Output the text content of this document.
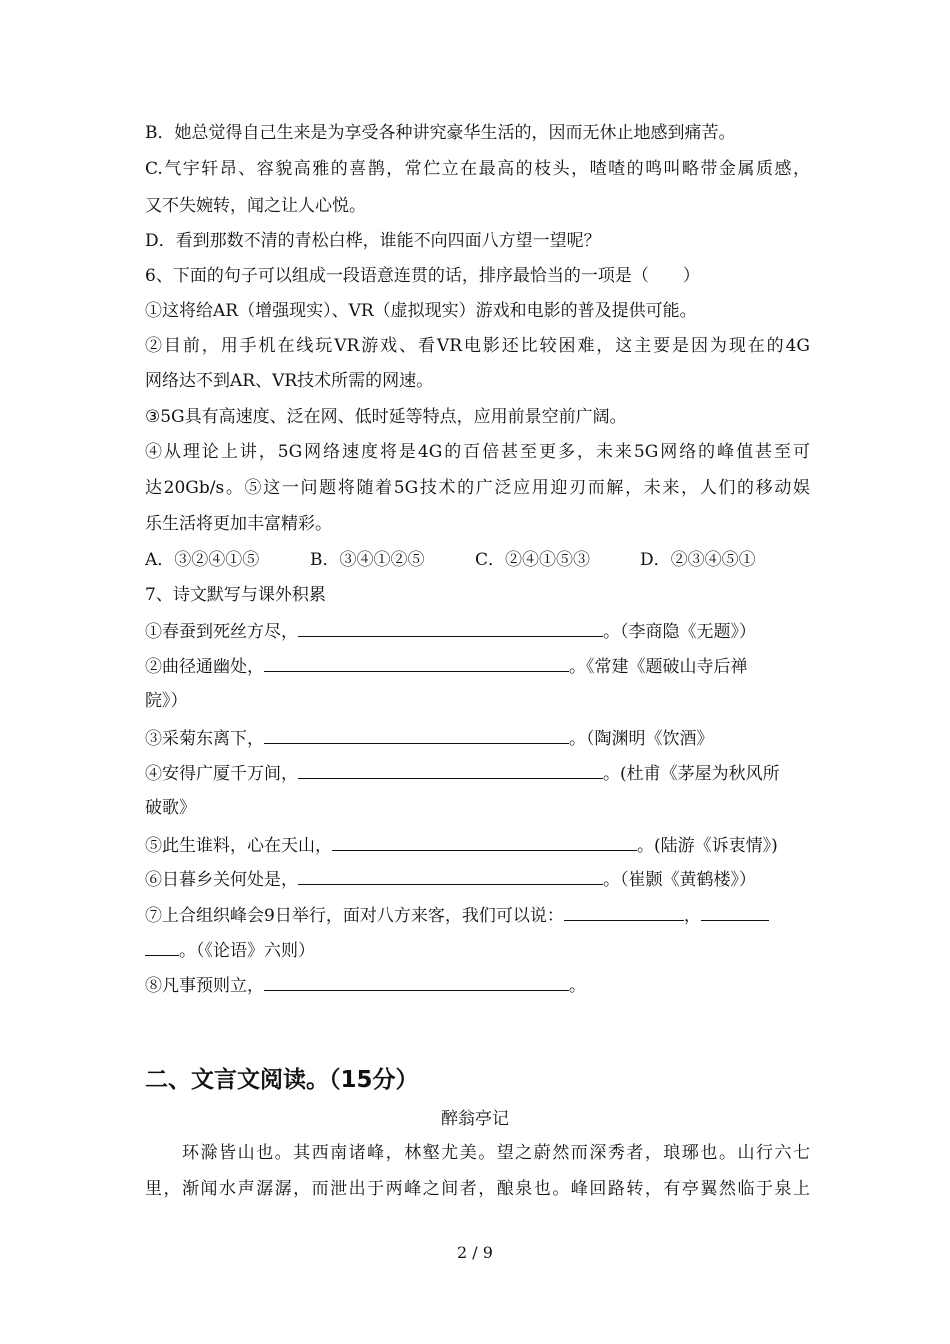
B．她总觉得自己生来是为享受各种讲究豪华生活的，因而无休止地感到痛苦。
C.气宇轩昂、容貌高雅的喜鹊，常伫立在最高的枝头，喳喳的鸣叫略带金属质感，
又不失婉转，闻之让人心悦。
D．看到那数不清的青松白桦，谁能不向四面八方望一望呢？
6、下面的句子可以组成一段语意连贯的话，排序最恰当的一项是（　　）
①这将给AR（增强现实）、VR（虚拟现实）游戏和电影的普及提供可能。
②目前，用手机在线玩VR游戏、看VR电影还比较困难，这主要是因为现在的4G
网络达不到AR、VR技术所需的网速。
③5G具有高速度、泛在网、低时延等特点，应用前景空前广阔。
④从理论上讲，5G网络速度将是4G的百倍甚至更多，未来5G网络的峰值甚至可
达20Gb/s。⑤这一问题将随着5G技术的广泛应用迎刃而解，未来，人们的移动娱
乐生活将更加丰富精彩。
A．③②④①⑤	B．③④①②⑤	C．②④①⑤③	D．②③④⑤①
7、诗文默写与课外积累
①春蚕到死丝方尽，	。（李商隐《无题》）
②曲径通幽处，	。《常建《题破山寺后禅
院》）
③采菊东离下，	。（陶渊明《饮酒》
④安得广厦千万间，	。(杜甫《茅屋为秋风所
破歌》
⑤此生谁料，心在天山，	。(陆游《诉衷情》)
⑥日暮乡关何处是，	。（崔颢《黄鹤楼》）
⑦上合组织峰会9日举行，面对八方来客，我们可以说：	，
。（《论语》六则）
⑧凡事预则立，	。
二、文言文阅读。（15分）
醉翁亭记
　　环滁皆山也。其西南诸峰，林壑尤美。望之蔚然而深秀者，琅琊也。山行六七
里，渐闻水声潺潺，而泄出于两峰之间者，酿泉也。峰回路转，有亭翼然临于泉上
2 / 9
